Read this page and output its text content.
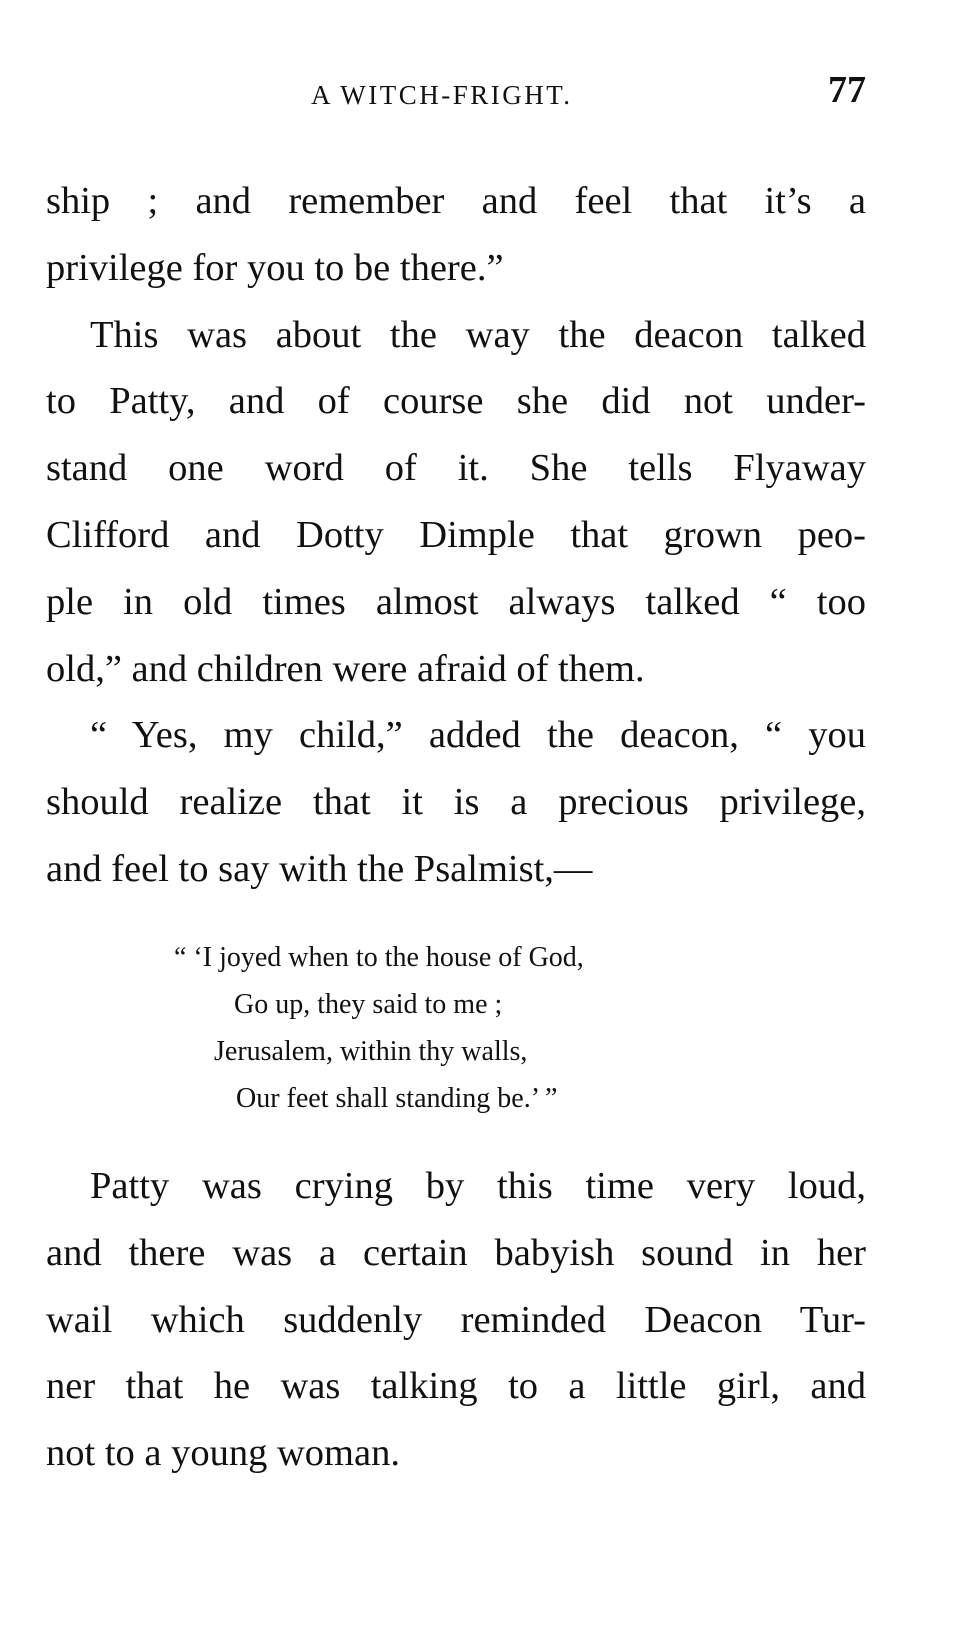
A WITCH-FRIGHT.	77
ship ; and remember and feel that it’s a
privilege for you to be there.”
This was about the way the deacon talked
to Patty, and of course she did not under-
stand one word of it. She tells Flyaway
Clifford and Dotty Dimple that grown peo-
ple in old times almost always talked “ too
old,” and children were afraid of them.
“ Yes, my child,” added the deacon, “ you
should realize that it is a precious privilege,
and feel to say with the Psalmist,—
“ ‘I joyed when to the house of God,
Go up, they said to me ;
Jerusalem, within thy walls,
Our feet shall standing be.’ ”
Patty was crying by this time very loud,
and there was a certain babyish sound in her
wail which suddenly reminded Deacon Tur-
ner that he was talking to a little girl, and
not to a young woman.
